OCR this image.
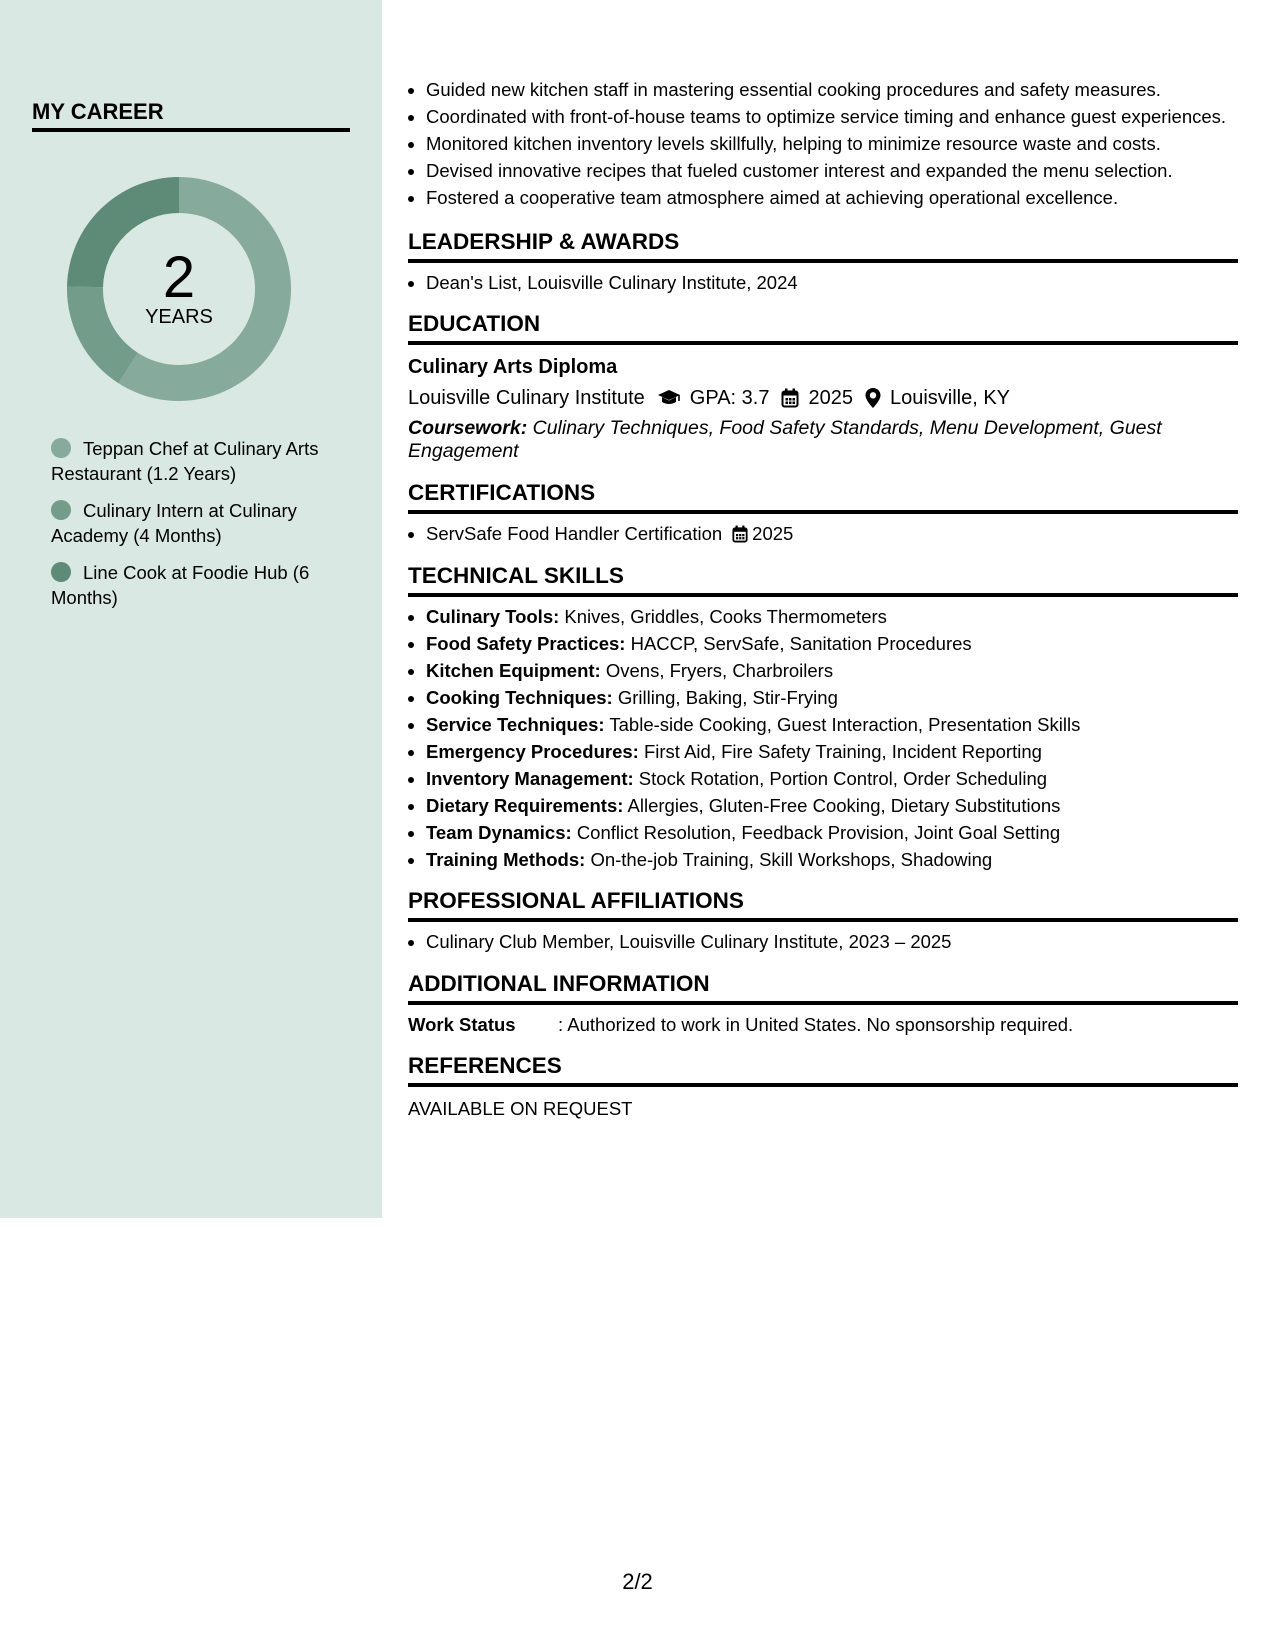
MY CAREER
2
YEARS
Teppan Chef at Culinary Arts Restaurant (1.2 Years)
Culinary Intern at Culinary Academy (4 Months)
Line Cook at Foodie Hub (6 Months)
• Guided new kitchen staff in mastering essential cooking procedures and safety measures.
• Coordinated with front-of-house teams to optimize service timing and enhance guest experiences.
• Monitored kitchen inventory levels skillfully, helping to minimize resource waste and costs.
• Devised innovative recipes that fueled customer interest and expanded the menu selection.
• Fostered a cooperative team atmosphere aimed at achieving operational excellence.
LEADERSHIP & AWARDS
• Dean's List, Louisville Culinary Institute, 2024
EDUCATION
Culinary Arts Diploma
Louisville Culinary Institute GPA: 3.7 2025 Louisville, KY
Coursework: Culinary Techniques, Food Safety Standards, Menu Development, Guest Engagement
CERTIFICATIONS
• ServSafe Food Handler Certification 2025
TECHNICAL SKILLS
• Culinary Tools: Knives, Griddles, Cooks Thermometers
• Food Safety Practices: HACCP, ServSafe, Sanitation Procedures
• Kitchen Equipment: Ovens, Fryers, Charbroilers
• Cooking Techniques: Grilling, Baking, Stir-Frying
• Service Techniques: Table-side Cooking, Guest Interaction, Presentation Skills
• Emergency Procedures: First Aid, Fire Safety Training, Incident Reporting
• Inventory Management: Stock Rotation, Portion Control, Order Scheduling
• Dietary Requirements: Allergies, Gluten-Free Cooking, Dietary Substitutions
• Team Dynamics: Conflict Resolution, Feedback Provision, Joint Goal Setting
• Training Methods: On-the-job Training, Skill Workshops, Shadowing
PROFESSIONAL AFFILIATIONS
• Culinary Club Member, Louisville Culinary Institute, 2023 – 2025
ADDITIONAL INFORMATION
Work Status	: Authorized to work in United States. No sponsorship required.
REFERENCES
AVAILABLE ON REQUEST
2/2
